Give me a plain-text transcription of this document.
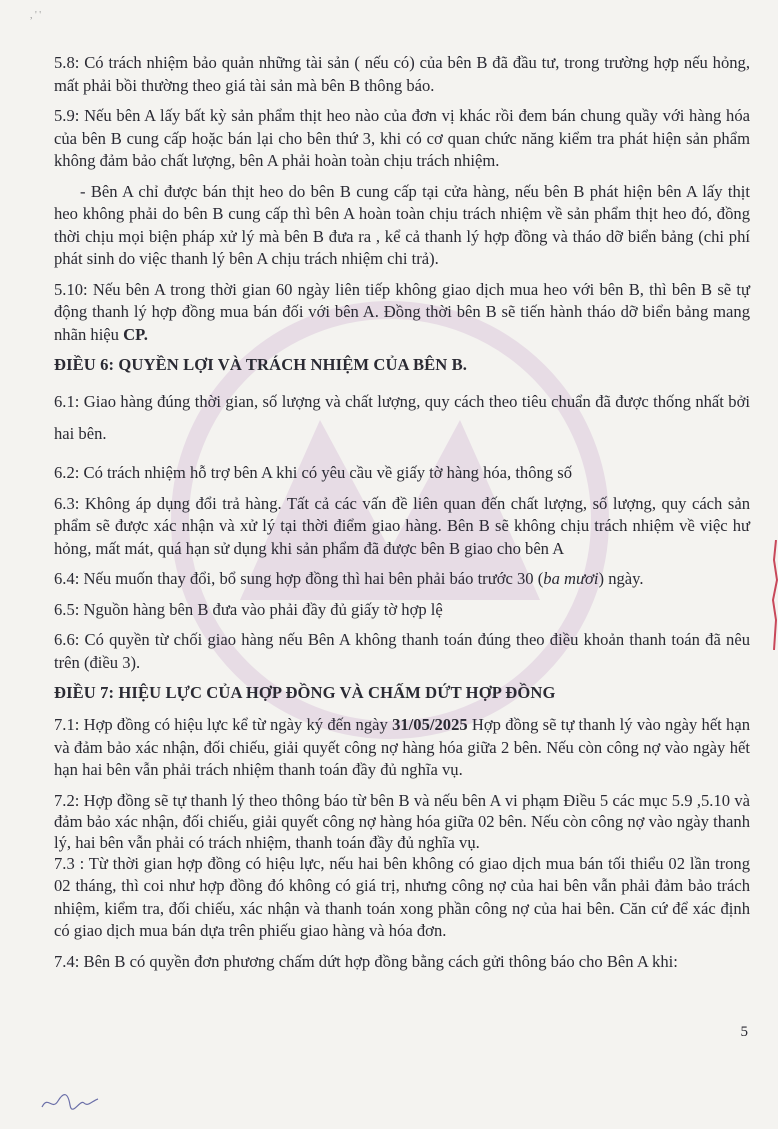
, ' '

5.8: Có trách nhiệm bảo quản những tài sản ( nếu có) của bên B đã đầu tư, trong trường hợp nếu hỏng, mất phải bồi thường theo giá tài sản mà bên B thông báo.

5.9: Nếu bên A lấy bất kỳ sản phẩm thịt heo nào của đơn vị khác rồi đem bán chung quầy với hàng hóa của bên B cung cấp hoặc bán lại cho bên thứ 3, khi có cơ quan chức năng kiểm tra phát hiện sản phẩm không đảm bảo chất lượng, bên A phải hoàn toàn chịu trách nhiệm.

- Bên A chỉ được bán thịt heo do bên B cung cấp tại cửa hàng, nếu bên B phát hiện bên A lấy thịt heo không phải do bên B cung cấp thì bên A hoàn toàn chịu trách nhiệm về sản phẩm thịt heo đó, đồng thời chịu mọi biện pháp xử lý mà bên B đưa ra , kể cả thanh lý hợp đồng và tháo dỡ biển bảng (chi phí phát sinh do việc thanh lý bên A chịu trách nhiệm chi trả).

5.10: Nếu bên A trong thời gian 60 ngày liên tiếp không giao dịch mua heo với bên B, thì bên B sẽ tự động thanh lý hợp đồng mua bán đối với bên A. Đồng thời bên B sẽ tiến hành tháo dỡ biển bảng mang nhãn hiệu CP.

ĐIỀU 6: QUYỀN LỢI VÀ TRÁCH NHIỆM CỦA BÊN B.

6.1: Giao hàng đúng thời gian, số lượng và chất lượng, quy cách theo tiêu chuẩn đã được thống nhất bởi hai bên.

6.2: Có trách nhiệm hỗ trợ bên A khi có yêu cầu về giấy tờ hàng hóa, thông số

6.3: Không áp dụng đổi trả hàng. Tất cả các vấn đề liên quan đến chất lượng, số lượng, quy cách sản phẩm sẽ được xác nhận và xử lý tại thời điểm giao hàng. Bên B sẽ không chịu trách nhiệm về việc hư hỏng, mất mát, quá hạn sử dụng khi sản phẩm đã được bên B giao cho bên A

6.4: Nếu muốn thay đổi, bổ sung hợp đồng thì hai bên phải báo trước 30 (ba mươi) ngày.

6.5: Nguồn hàng bên B đưa vào phải đầy đủ giấy tờ hợp lệ

6.6: Có quyền từ chối giao hàng nếu Bên A không thanh toán đúng theo điều khoản thanh toán đã nêu trên (điều 3).

ĐIỀU 7: HIỆU LỰC CỦA HỢP ĐỒNG VÀ CHẤM DỨT HỢP ĐỒNG

7.1: Hợp đồng có hiệu lực kể từ ngày ký đến ngày 31/05/2025 Hợp đồng sẽ tự thanh lý vào ngày hết hạn và đảm bảo xác nhận, đối chiếu, giải quyết công nợ hàng hóa giữa 2 bên. Nếu còn công nợ vào ngày hết hạn hai bên vẫn phải trách nhiệm thanh toán đầy đủ nghĩa vụ.

7.2: Hợp đồng sẽ tự thanh lý theo thông báo từ bên B và nếu bên A vi phạm Điều 5 các mục 5.9 ,5.10 và đảm bảo xác nhận, đối chiếu, giải quyết công nợ hàng hóa giữa 02 bên. Nếu còn công nợ vào ngày thanh lý, hai bên vẫn phải có trách nhiệm, thanh toán đầy đủ nghĩa vụ.

7.3 : Từ thời gian hợp đồng có hiệu lực, nếu hai bên không có giao dịch mua bán tối thiểu 02 lần trong 02 tháng, thì coi như hợp đồng đó không có giá trị, nhưng công nợ của hai bên vẫn phải đảm bảo trách nhiệm, kiểm tra, đối chiếu, xác nhận và thanh toán xong phần công nợ của hai bên. Căn cứ để xác định có giao dịch mua bán dựa trên phiếu giao hàng và hóa đơn.

7.4: Bên B có quyền đơn phương chấm dứt hợp đồng bằng cách gửi thông báo cho Bên A khi:

5
